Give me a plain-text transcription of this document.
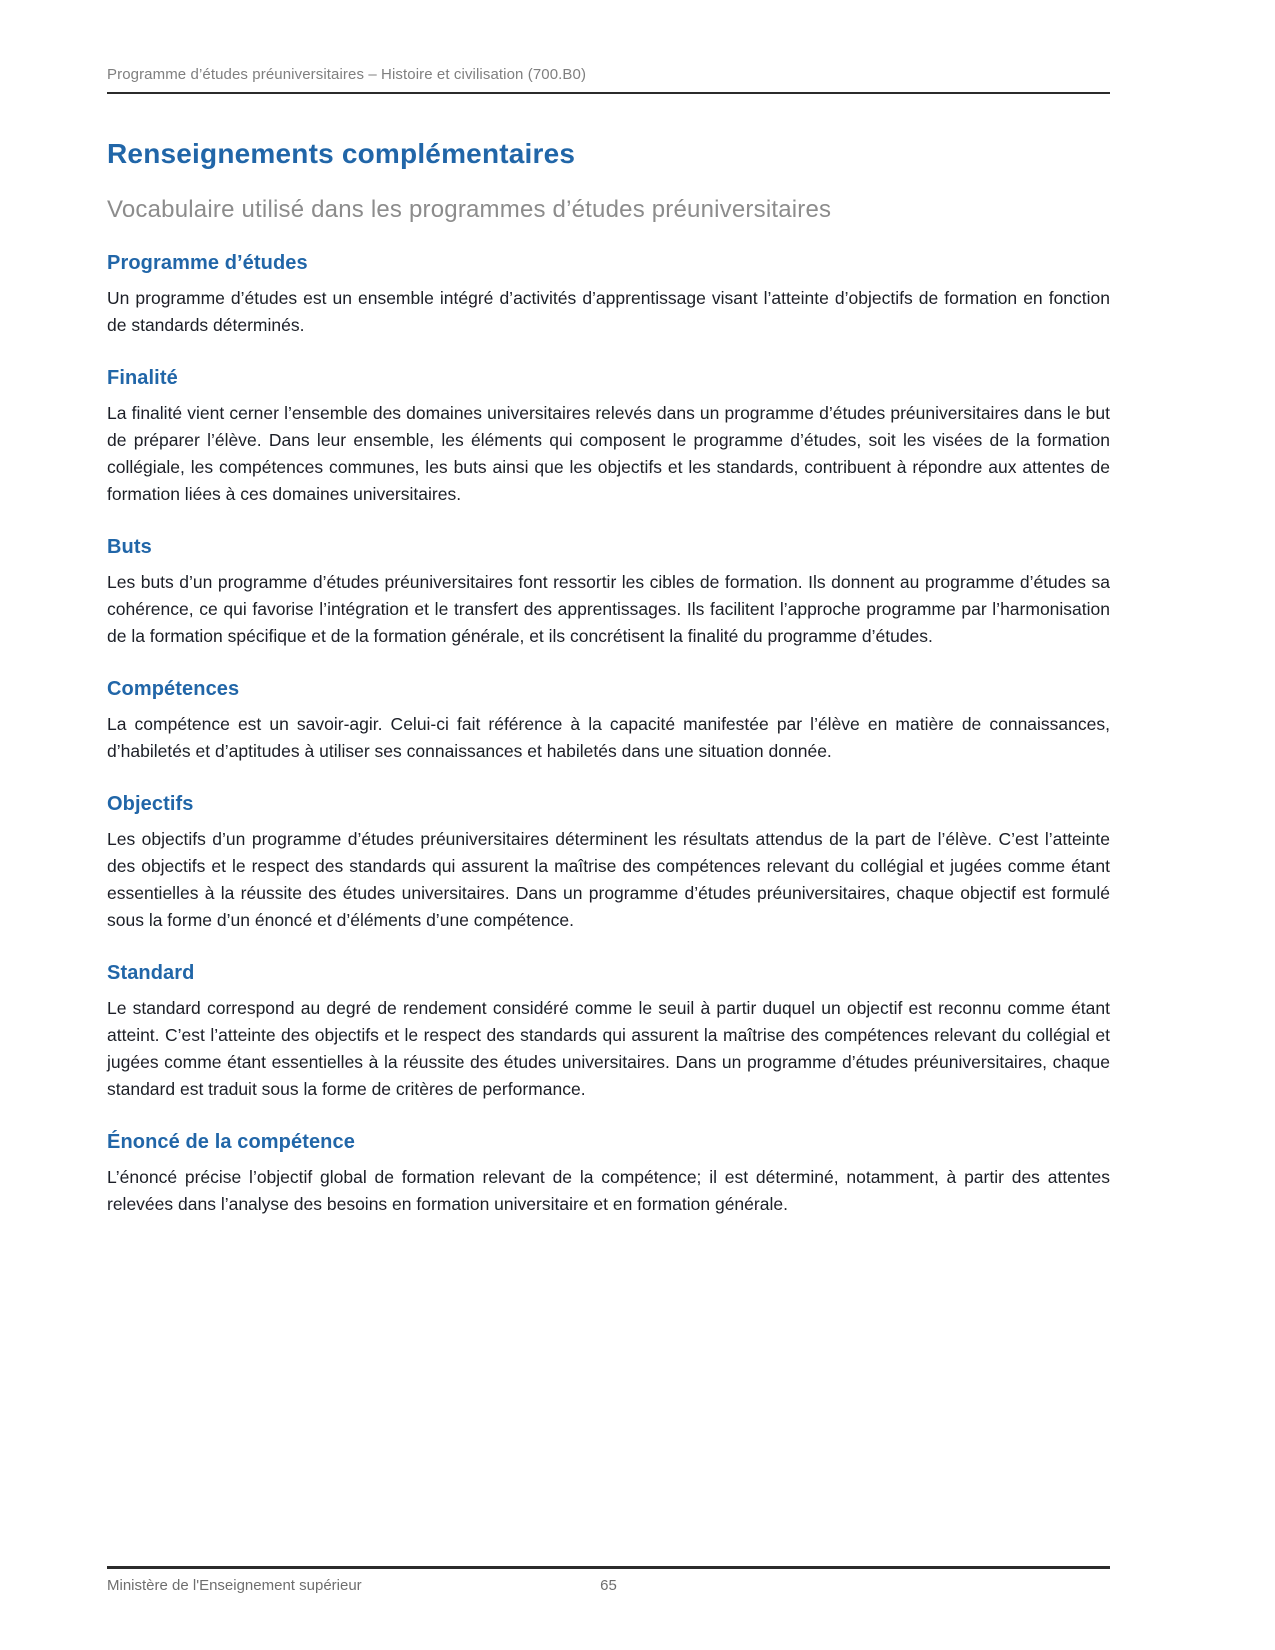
Programme d’études préuniversitaires – Histoire et civilisation (700.B0)
Renseignements complémentaires
Vocabulaire utilisé dans les programmes d’études préuniversitaires
Programme d’études

Un programme d’études est un ensemble intégré d’activités d’apprentissage visant l’atteinte d’objectifs de formation en fonction de standards déterminés.

Finalité

La finalité vient cerner l’ensemble des domaines universitaires relevés dans un programme d’études préuniversitaires dans le but de préparer l’élève. Dans leur ensemble, les éléments qui composent le programme d’études, soit les visées de la formation collégiale, les compétences communes, les buts ainsi que les objectifs et les standards, contribuent à répondre aux attentes de formation liées à ces domaines universitaires.

Buts

Les buts d’un programme d’études préuniversitaires font ressortir les cibles de formation. Ils donnent au programme d’études sa cohérence, ce qui favorise l’intégration et le transfert des apprentissages. Ils facilitent l’approche programme par l’harmonisation de la formation spécifique et de la formation générale, et ils concrétisent la finalité du programme d’études.

Compétences

La compétence est un savoir-agir. Celui-ci fait référence à la capacité manifestée par l’élève en matière de connaissances, d’habiletés et d’aptitudes à utiliser ses connaissances et habiletés dans une situation donnée.

Objectifs

Les objectifs d’un programme d’études préuniversitaires déterminent les résultats attendus de la part de l’élève. C’est l’atteinte des objectifs et le respect des standards qui assurent la maîtrise des compétences relevant du collégial et jugées comme étant essentielles à la réussite des études universitaires. Dans un programme d’études préuniversitaires, chaque objectif est formulé sous la forme d’un énoncé et d’éléments d’une compétence.

Standard

Le standard correspond au degré de rendement considéré comme le seuil à partir duquel un objectif est reconnu comme étant atteint. C’est l’atteinte des objectifs et le respect des standards qui assurent la maîtrise des compétences relevant du collégial et jugées comme étant essentielles à la réussite des études universitaires. Dans un programme d’études préuniversitaires, chaque standard est traduit sous la forme de critères de performance.

Énoncé de la compétence

L’énoncé précise l’objectif global de formation relevant de la compétence; il est déterminé, notamment, à partir des attentes relevées dans l’analyse des besoins en formation universitaire et en formation générale.

Ministère de l'Enseignement supérieur	65
